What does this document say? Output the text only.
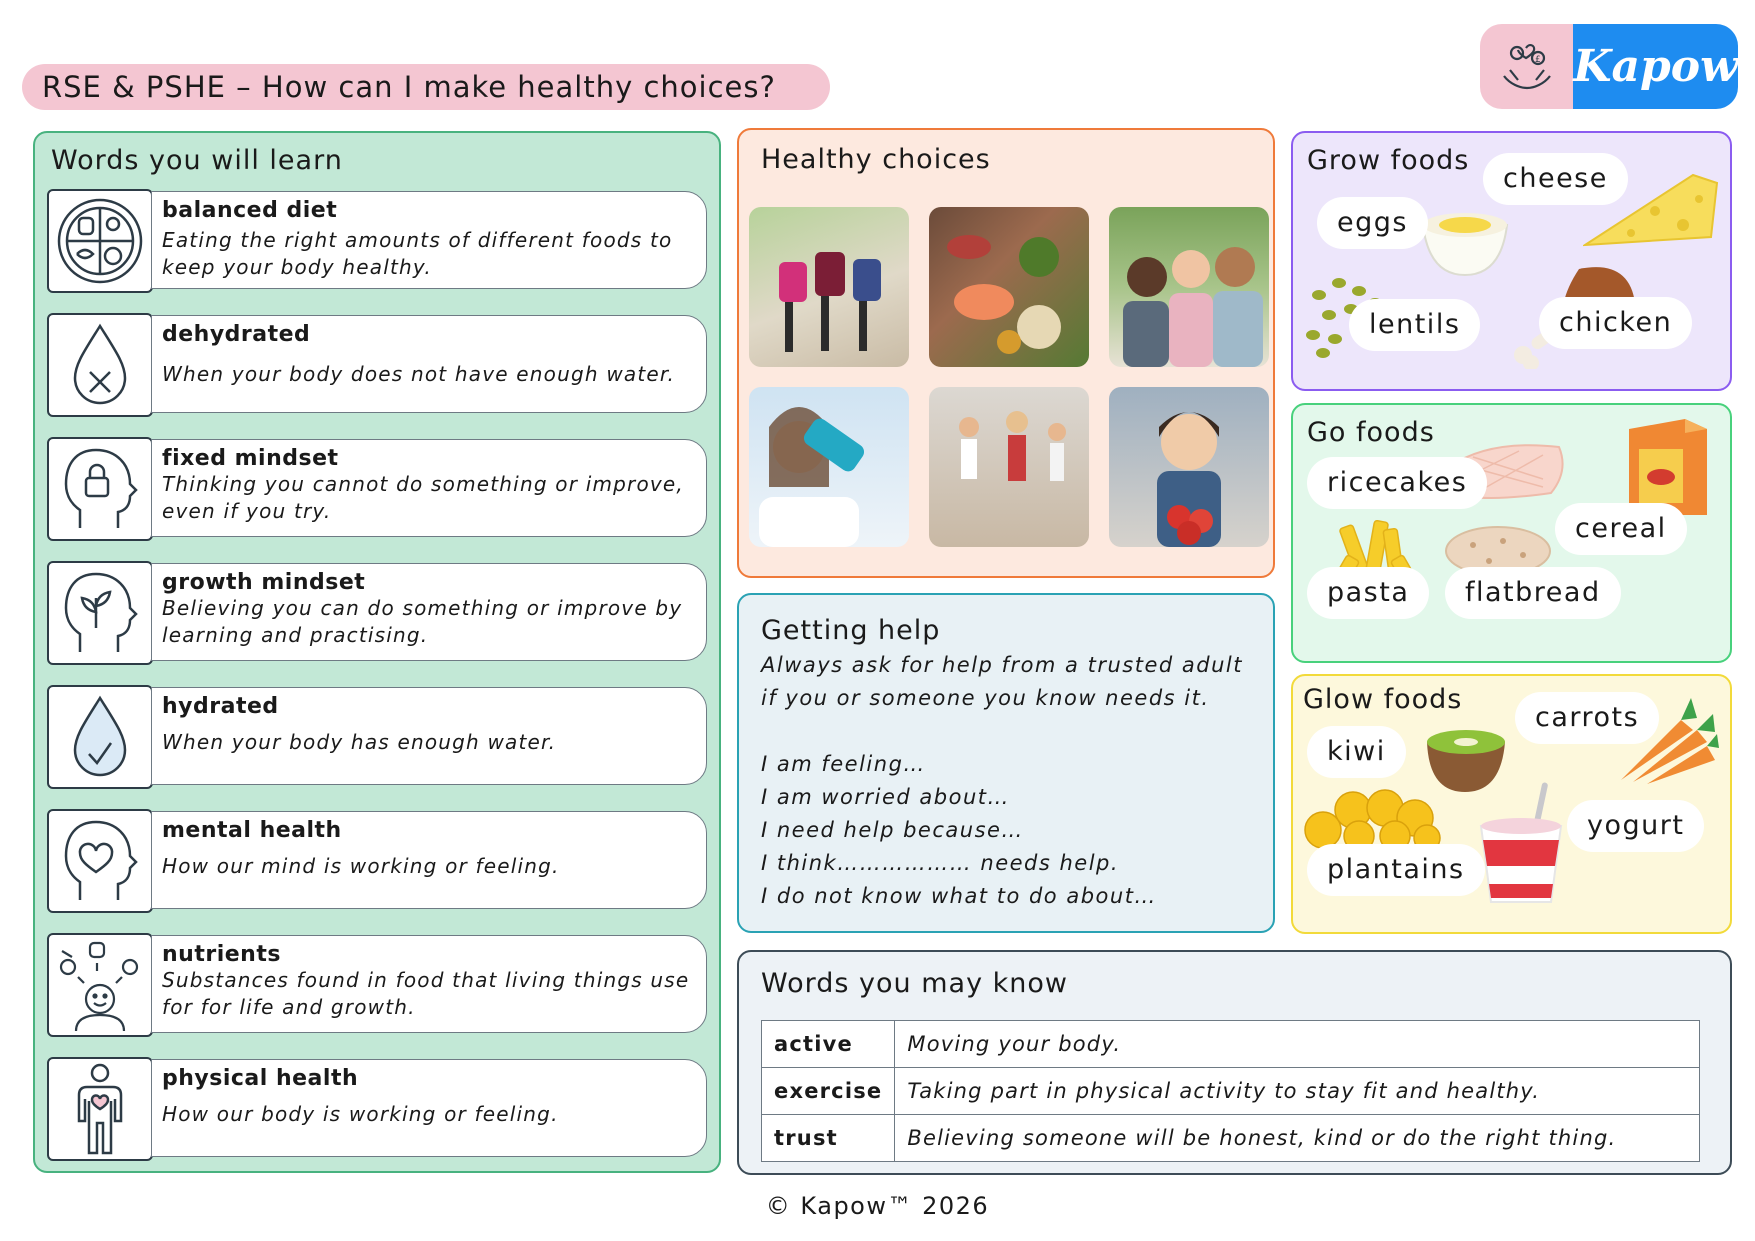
RSE & PSHE – How can I make healthy choices?
£ Kapow
Words you will learn
balanced diet
Eating the right amounts of different foods to keep your body healthy.
dehydrated
When your body does not have enough water.
fixed mindset
Thinking you cannot do something or improve, even if you try.
growth mindset
Believing you can do something or improve by learning and practising.
hydrated
When your body has enough water.
mental health
How our mind is working or feeling.
nutrients
Substances found in food that living things use for for life and growth.
physical health
How our body is working or feeling.
Healthy choices
Getting help
Always ask for help from a trusted adult
if you or someone you know needs it.
I am feeling…
I am worried about…
I need help because…
I think……………… needs help.
I do not know what to do about…
Grow foods
eggs
cheese
lentils	chicken
Go foods
ricecakes
cereal
pasta	flatbread
Glow foods
kiwi
carrots
plantains
yogurt
Words you may know
active	Moving your body.
exercise	Taking part in physical activity to stay fit and healthy.
trust	Believing someone will be honest, kind or do the right thing.
© Kapow™ 2026
